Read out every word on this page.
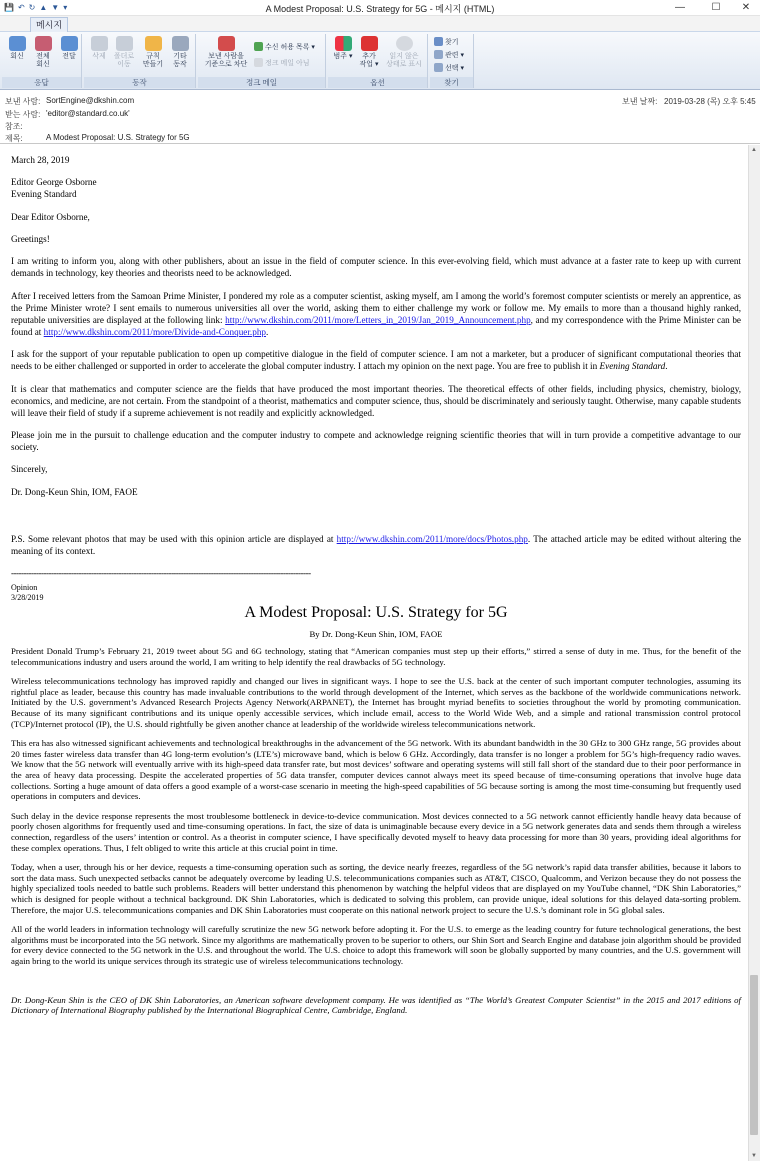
💾 ↶ ↻ ▲ ▼ ▾	A Modest Proposal: U.S. Strategy for 5G - 메시지 (HTML)	—	☐	✕
메시지
회신	전체
회신
전달
응답
삭제	폴더로
이동
규칙
만들기
기타
동작
동작
보낸 사람을
기준으로 차단
수신 허용 목록 ▾
정크 메일 아님
정크 메일
범주 ▾	추가
작업 ▾
읽지 않은
상태로 표시
옵션
찾기
관련 ▾
선택 ▾
찾기
보낸 사람: SortEngine@dkshin.com
받는 사람: 'editor@standard.co.uk'
참조:
제목:	A Modest Proposal: U.S. Strategy for 5G
보낸 날짜: 2019-03-28 (목) 오후 5:45

March 28, 2019

Editor George Osborne
Evening Standard

Dear Editor Osborne,

Greetings!

I am writing to inform you, along with other publishers, about an issue in the field of computer science. In this ever-evolving field, which must advance at a faster rate to keep up with current demands in technology, key theories and theorists need to be acknowledged.

After I received letters from the Samoan Prime Minister, I pondered my role as a computer scientist, asking myself, am I among the world’s foremost computer scientists or merely an apprentice, as the Prime Minister wrote? I sent emails to numerous universities all over the world, asking them to either challenge my work or follow me. My emails to more than a thousand highly ranked, reputable universities are displayed at the following link: http://www.dkshin.com/2011/more/Letters_in_2019/Jan_2019_Announcement.php, and my correspondence with the Prime Minister can be found at http://www.dkshin.com/2011/more/Divide-and-Conquer.php.

I ask for the support of your reputable publication to open up competitive dialogue in the field of computer science. I am not a marketer, but a producer of significant computational theories that needs to be either challenged or supported in order to accelerate the global computer industry. I attach my opinion on the next page. You are free to publish it in Evening Standard.

It is clear that mathematics and computer science are the fields that have produced the most important theories. The theoretical effects of other fields, including physics, chemistry, biology, economics, and medicine, are not certain. From the standpoint of a theorist, mathematics and computer science, thus, should be discriminately and seriously taught. Otherwise, many capable students will leave their field of study if a supreme achievement is not readily and explicitly acknowledged.

Please join me in the pursuit to challenge education and the computer industry to compete and acknowledge reigning scientific theories that will in turn provide a competitive advantage to our society.

Sincerely,

Dr. Dong-Keun Shin, IOM, FAOE

P.S. Some relevant photos that may be used with this opinion article are displayed at http://www.dkshin.com/2011/more/docs/Photos.php. The attached article may be edited without altering the meaning of its context.

------------------------------------------------------------------------------------------------------------------------
Opinion
3/28/2019

A Modest Proposal: U.S. Strategy for 5G

By Dr. Dong-Keun Shin, IOM, FAOE

President Donald Trump’s February 21, 2019 tweet about 5G and 6G technology, stating that “American companies must step up their efforts,” stirred a sense of duty in me. Thus, for the benefit of the telecommunications industry and users around the world, I am writing to help identify the real drawbacks of 5G technology.

Wireless telecommunications technology has improved rapidly and changed our lives in significant ways. I hope to see the U.S. back at the center of such important computer technologies, assuming its rightful place as leader, because this country has made invaluable contributions to the world through development of the Internet, which serves as the backbone of the worldwide communications network. Initiated by the U.S. government’s Advanced Research Projects Agency Network(ARPANET), the Internet has brought myriad benefits to societies throughout the world by promoting communication. Because of its many significant contributions and its unique openly accessible services, which include email, access to the World Wide Web, and a simple and rational transmission control protocol (TCP)/Internet protocol (IP), the U.S. should rightfully be given another chance at leadership of the worldwide wireless telecommunications network.

This era has also witnessed significant achievements and technological breakthroughs in the advancement of the 5G network. With its abundant bandwidth in the 30 GHz to 300 GHz range, 5G provides about 20 times faster wireless data transfer than 4G long-term evolution’s (LTE’s) microwave band, which is below 6 GHz. Accordingly, data transfer is no longer a problem for 5G’s high-frequency radio waves. We know that the 5G network will eventually arrive with its high-speed data transfer rate, but most devices’ software and operating systems will still fall short of the standard due to their poor performance in the area of heavy data processing. Despite the accelerated properties of 5G data transfer, computer devices cannot always meet its speed because of time-consuming operations that involve huge data collections. Sorting a huge amount of data offers a good example of a worst-case scenario in meeting the high-speed capabilities of 5G because sorting is among the most time-consuming but frequently used operations in computers and devices.

Such delay in the device response represents the most troublesome bottleneck in device-to-device communication. Most devices connected to a 5G network cannot efficiently handle heavy data because of poorly chosen algorithms for frequently used and time-consuming operations. In fact, the size of data is unimaginable because every device in a 5G network generates data and sends them through a wireless connection, regardless of the users’ intention or control. As a theorist in computer science, I have specifically devoted myself to heavy data processing for more than 30 years, providing ideal algorithms for these complex operations. Thus, I felt obliged to write this article at this crucial point in time.

Today, when a user, through his or her device, requests a time-consuming operation such as sorting, the device nearly freezes, regardless of the 5G network’s rapid data transfer abilities, because it labors to sort the data mass. Such unexpected setbacks cannot be adequately overcome by leading U.S. telecommunications companies such as AT&T, CISCO, Qualcomm, and Verizon because they do not possess the highly specialized tools needed to battle such problems. Readers will better understand this phenomenon by watching the helpful videos that are displayed on my YouTube channel, “DK Shin Laboratories,” which is designed for people without a technical background. DK Shin Laboratories, which is dedicated to solving this problem, can provide unique, ideal solutions for this delayed data-sorting problem. Therefore, the major U.S. telecommunications companies and DK Shin Laboratories must cooperate on this national network project to secure the U.S.’s dominant role in 5G global sales.

All of the world leaders in information technology will carefully scrutinize the new 5G network before adopting it. For the U.S. to emerge as the leading country for future technological generations, the best algorithms must be incorporated into the 5G network. Since my algorithms are mathematically proven to be superior to others, our Shin Sort and Search Engine and database join algorithm should be provided for every device connected to the 5G network in the U.S. and throughout the world. The U.S. choice to adopt this framework will soon be globally supported by many countries, and the U.S. government will again bring to the world its unique services through its strategic use of wireless telecommunications technology.

Dr. Dong-Keun Shin is the CEO of DK Shin Laboratories, an American software development company. He was identified as “The World’s Greatest Computer Scientist” in the 2015 and 2017 editions of Dictionary of International Biography published by the International Biographical Centre, Cambridge, England.

▲
▼
